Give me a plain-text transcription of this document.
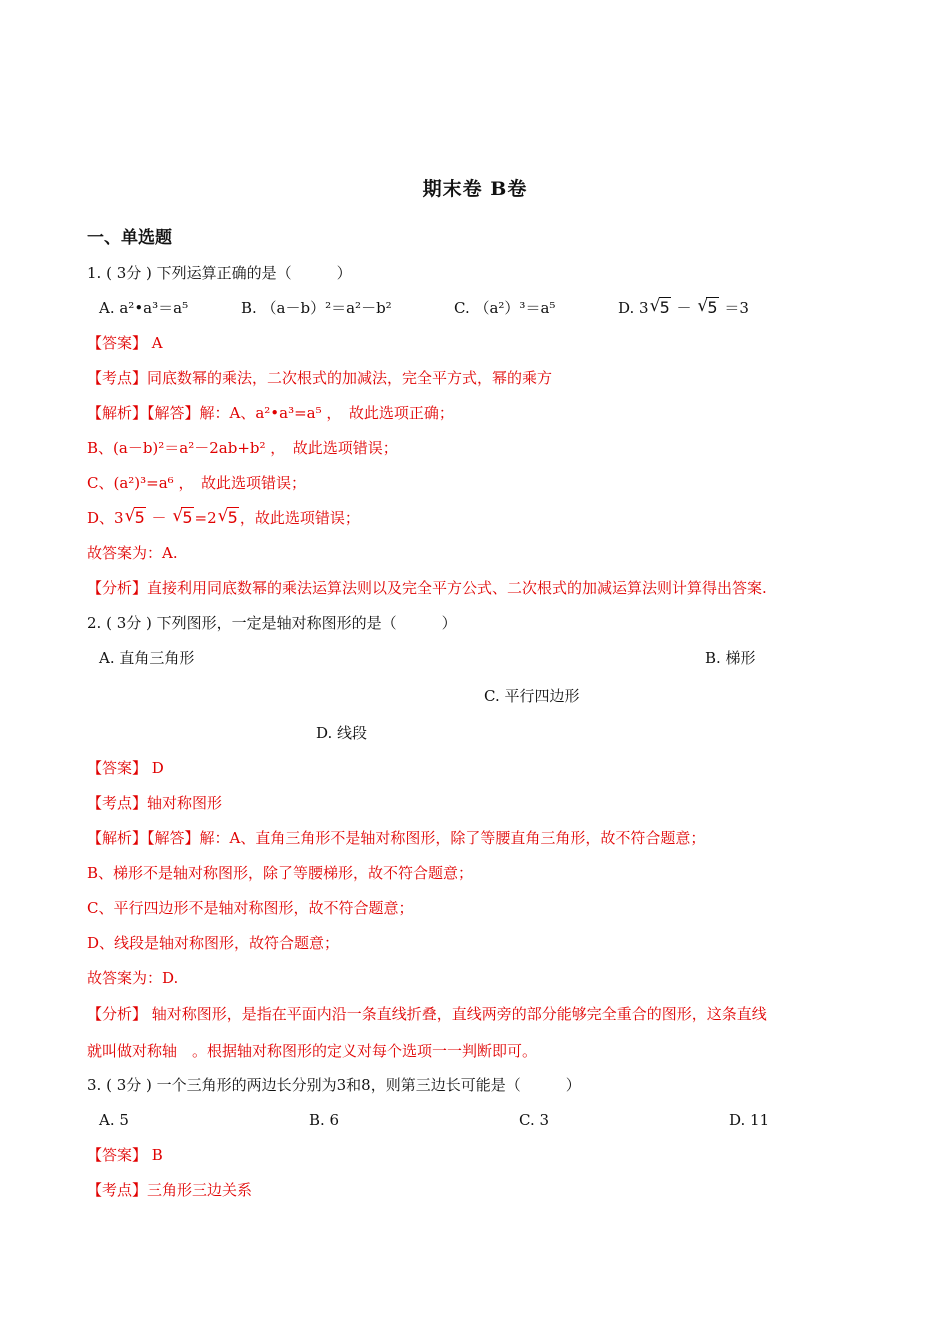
期末卷 B卷
一、单选题
1. ( 3分 ) 下列运算正确的是（　　　）
A. a²•a³＝a⁵	B. （a－b）²＝a²－b²	C. （a²）³＝a⁵	D. 3 √ 5 － √ 5 ＝3
【答案】 A
【考点】同底数幂的乘法，二次根式的加减法，完全平方式，幂的乘方
【解析】【解答】解：A、a²•a³=a⁵ ，　故此选项正确；
B、(a－b)²＝a²－2ab+b² ，　故此选项错误；
C、(a²)³=a⁶ ，　故此选项错误；
D、3 √ 5 － √ 5 =2 √ 5 ，故此选项错误；
故答案为：A.
【分析】直接利用同底数幂的乘法运算法则以及完全平方公式、二次根式的加减运算法则计算得出答案.
2. ( 3分 ) 下列图形，一定是轴对称图形的是（　　　）
A. 直角三角形	B. 梯形
C. 平行四边形
D. 线段
【答案】 D
【考点】轴对称图形
【解析】【解答】解：A、直角三角形不是轴对称图形，除了等腰直角三角形，故不符合题意；
B、梯形不是轴对称图形，除了等腰梯形，故不符合题意；
C、平行四边形不是轴对称图形，故不符合题意；
D、线段是轴对称图形，故符合题意；
故答案为：D.
【分析】 轴对称图形，是指在平面内沿一条直线折叠，直线两旁的部分能够完全重合的图形，这条直线
就叫做对称轴　。根据轴对称图形的定义对每个选项一一判断即可。
3. ( 3分 ) 一个三角形的两边长分别为3和8，则第三边长可能是（　　　）
A. 5	B. 6	C. 3	D. 11
【答案】 B
【考点】三角形三边关系
